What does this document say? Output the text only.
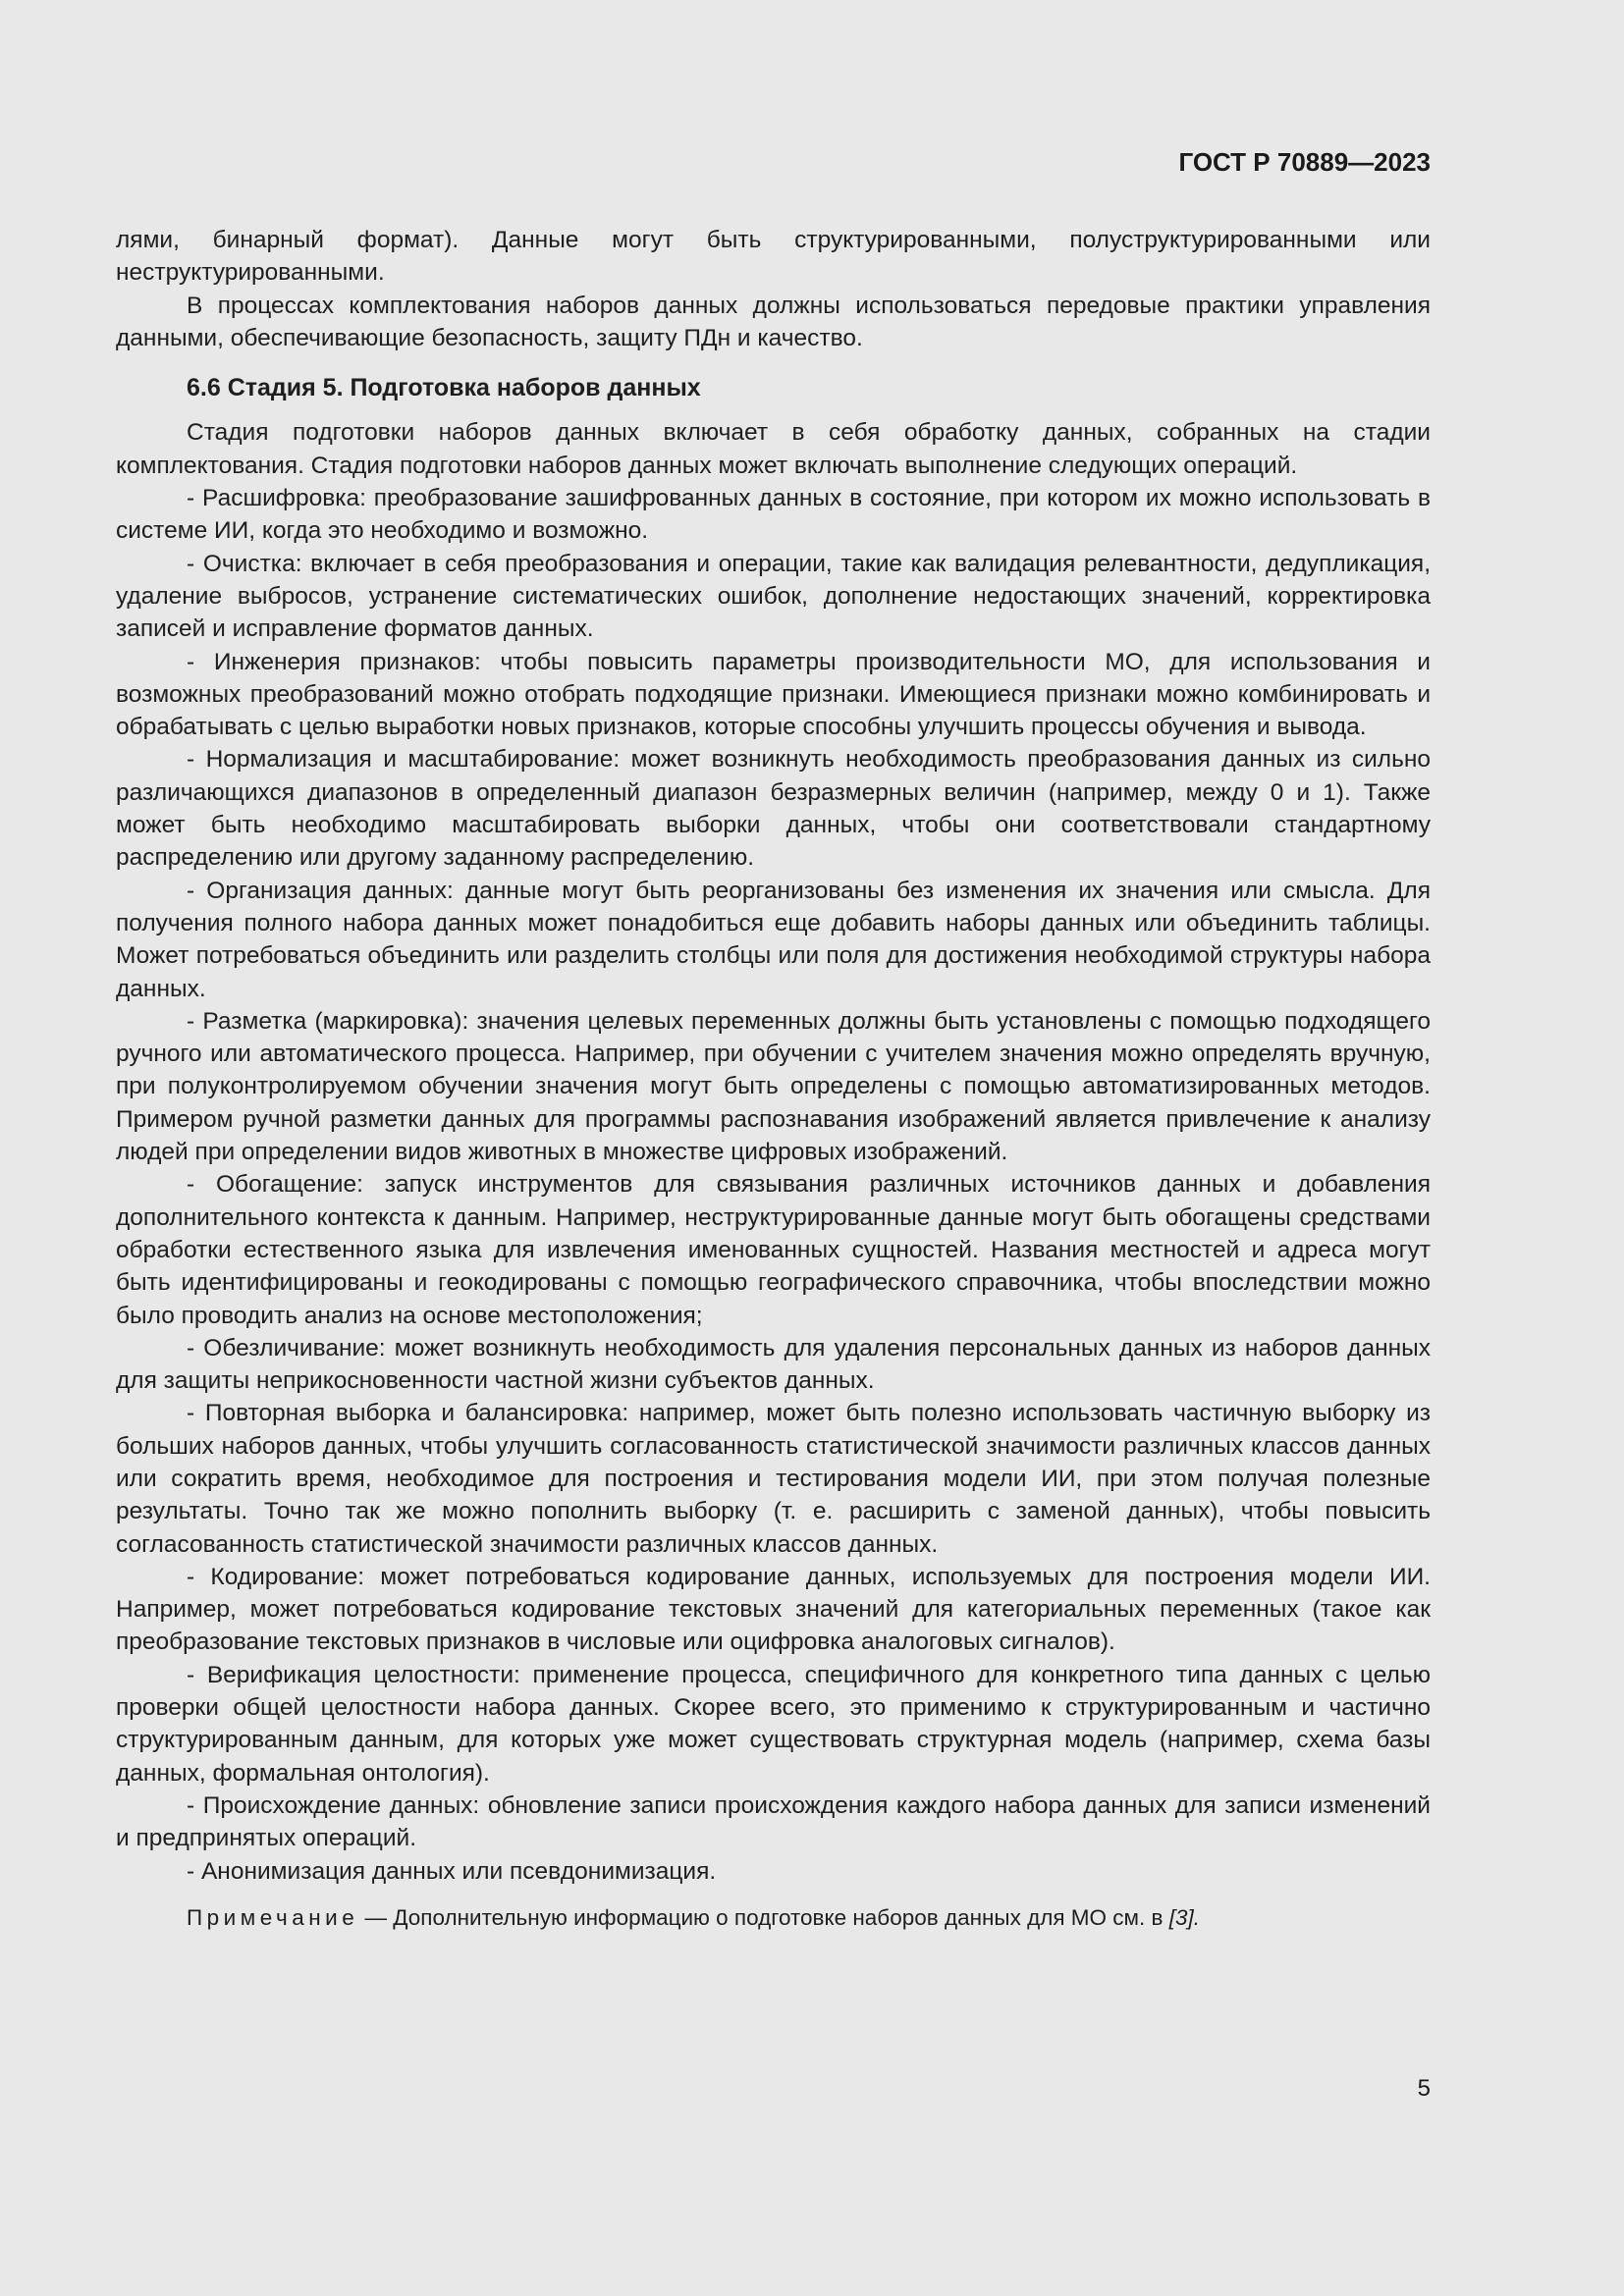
ГОСТ Р 70889—2023

лями, бинарный формат). Данные могут быть структурированными, полуструктурированными или неструктурированными.

В процессах комплектования наборов данных должны использоваться передовые практики управления данными, обеспечивающие безопасность, защиту ПДн и качество.

6.6 Стадия 5. Подготовка наборов данных

Стадия подготовки наборов данных включает в себя обработку данных, собранных на стадии комплектования. Стадия подготовки наборов данных может включать выполнение следующих операций.

- Расшифровка: преобразование зашифрованных данных в состояние, при котором их можно использовать в системе ИИ, когда это необходимо и возможно.

- Очистка: включает в себя преобразования и операции, такие как валидация релевантности, дедупликация, удаление выбросов, устранение систематических ошибок, дополнение недостающих значений, корректировка записей и исправление форматов данных.

- Инженерия признаков: чтобы повысить параметры производительности МО, для использования и возможных преобразований можно отобрать подходящие признаки. Имеющиеся признаки можно комбинировать и обрабатывать с целью выработки новых признаков, которые способны улучшить процессы обучения и вывода.

- Нормализация и масштабирование: может возникнуть необходимость преобразования данных из сильно различающихся диапазонов в определенный диапазон безразмерных величин (например, между 0 и 1). Также может быть необходимо масштабировать выборки данных, чтобы они соответствовали стандартному распределению или другому заданному распределению.

- Организация данных: данные могут быть реорганизованы без изменения их значения или смысла. Для получения полного набора данных может понадобиться еще добавить наборы данных или объединить таблицы. Может потребоваться объединить или разделить столбцы или поля для достижения необходимой структуры набора данных.

- Разметка (маркировка): значения целевых переменных должны быть установлены с помощью подходящего ручного или автоматического процесса. Например, при обучении с учителем значения можно определять вручную, при полуконтролируемом обучении значения могут быть определены с помощью автоматизированных методов. Примером ручной разметки данных для программы распознавания изображений является привлечение к анализу людей при определении видов животных в множестве цифровых изображений.

- Обогащение: запуск инструментов для связывания различных источников данных и добавления дополнительного контекста к данным. Например, неструктурированные данные могут быть обогащены средствами обработки естественного языка для извлечения именованных сущностей. Названия местностей и адреса могут быть идентифицированы и геокодированы с помощью географического справочника, чтобы впоследствии можно было проводить анализ на основе местоположения;

- Обезличивание: может возникнуть необходимость для удаления персональных данных из наборов данных для защиты неприкосновенности частной жизни субъектов данных.

- Повторная выборка и балансировка: например, может быть полезно использовать частичную выборку из больших наборов данных, чтобы улучшить согласованность статистической значимости различных классов данных или сократить время, необходимое для построения и тестирования модели ИИ, при этом получая полезные результаты. Точно так же можно пополнить выборку (т. е. расширить с заменой данных), чтобы повысить согласованность статистической значимости различных классов данных.

- Кодирование: может потребоваться кодирование данных, используемых для построения модели ИИ. Например, может потребоваться кодирование текстовых значений для категориальных переменных (такое как преобразование текстовых признаков в числовые или оцифровка аналоговых сигналов).

- Верификация целостности: применение процесса, специфичного для конкретного типа данных с целью проверки общей целостности набора данных. Скорее всего, это применимо к структурированным и частично структурированным данным, для которых уже может существовать структурная модель (например, схема базы данных, формальная онтология).

- Происхождение данных: обновление записи происхождения каждого набора данных для записи изменений и предпринятых операций.

- Анонимизация данных или псевдонимизация.

Примечание — Дополнительную информацию о подготовке наборов данных для МО см. в [3].

5
